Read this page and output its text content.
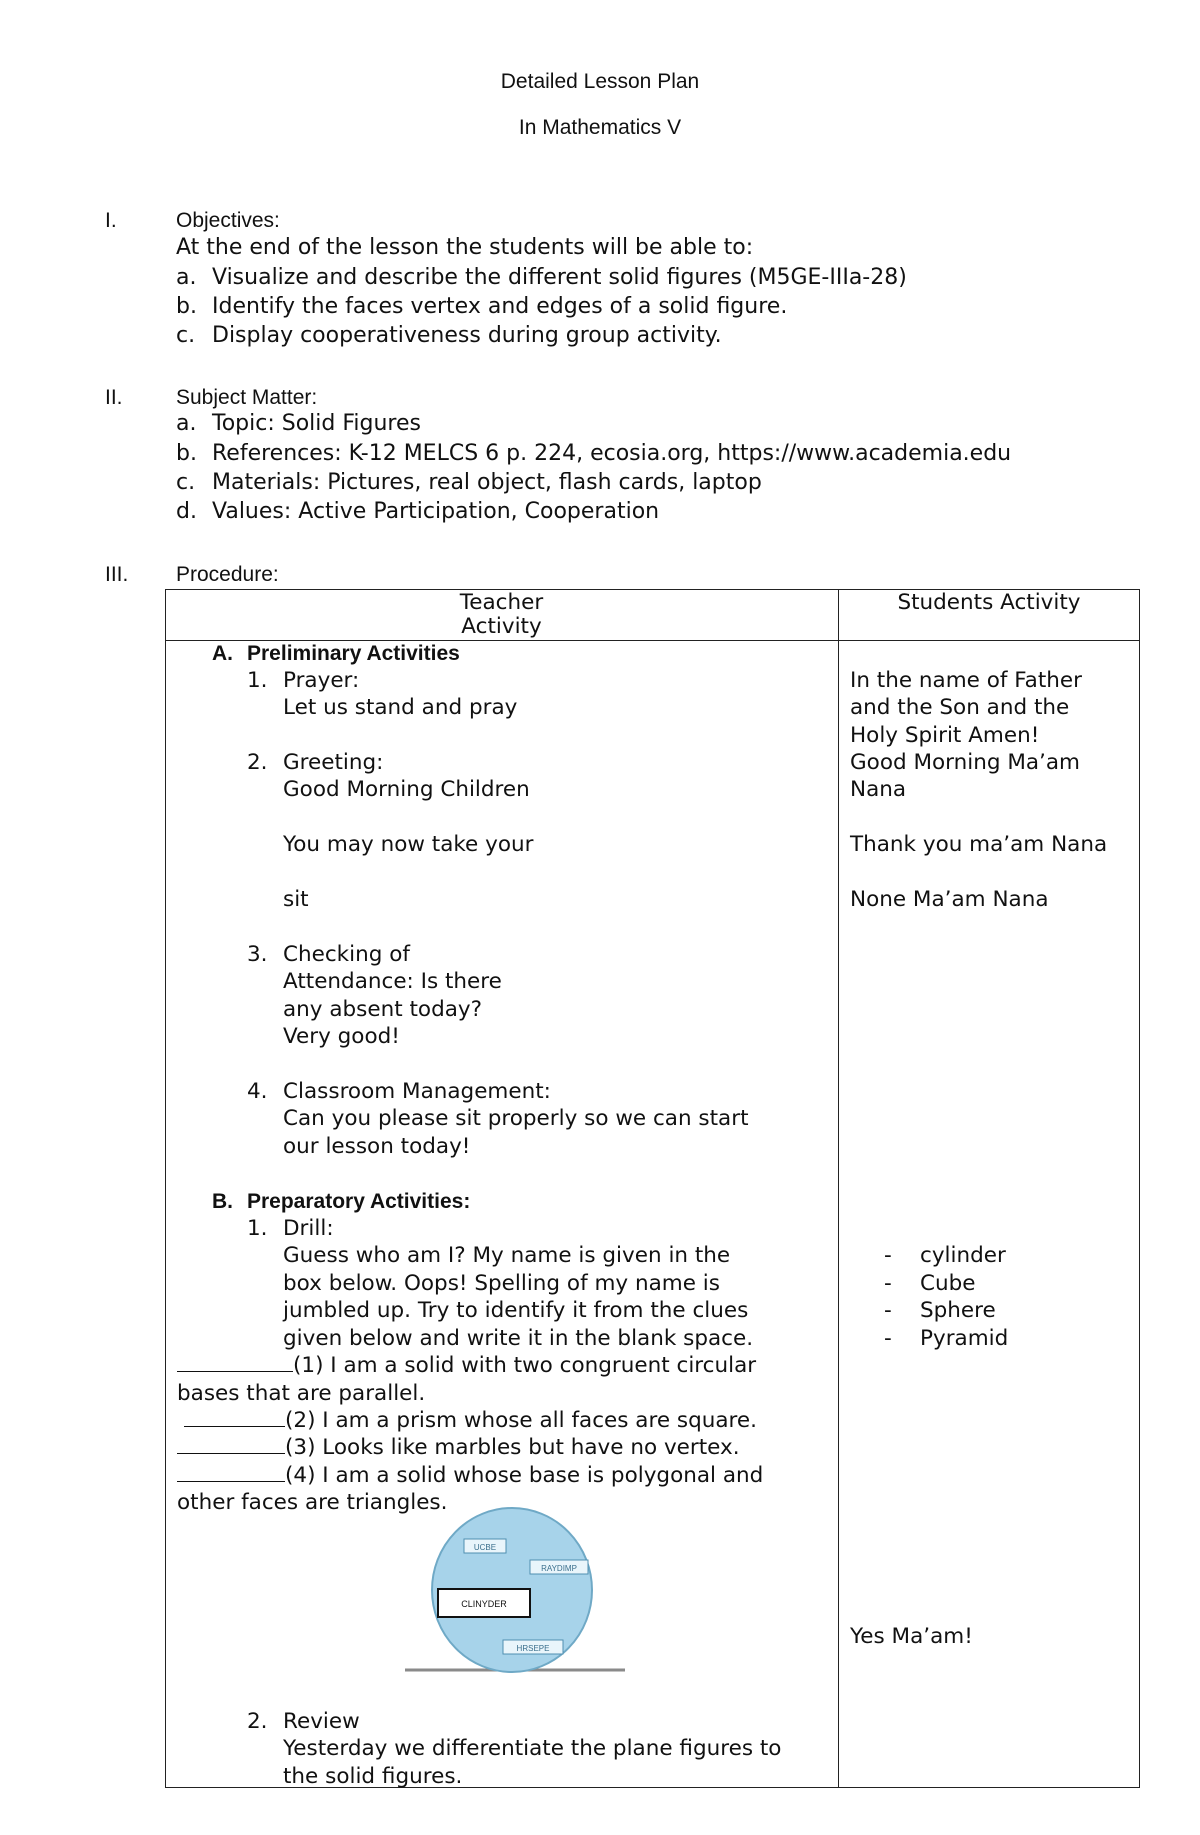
Detailed Lesson Plan
In Mathematics V
I.	Objectives:
At the end of the lesson the students will be able to:
a. Visualize and describe the different solid figures (M5GE-IIIa-28)
b. Identify the faces vertex and edges of a solid figure.
c. Display cooperativeness during group activity.
II.	Subject Matter:
a. Topic: Solid Figures
b. References: K-12 MELCS 6 p. 224, ecosia.org, https://www.academia.edu
c. Materials: Pictures, real object, flash cards, laptop
d. Values: Active Participation, Cooperation
III. Procedure:
Teacher
Activity
Students Activity
A. Preliminary Activities
1. Prayer:
Let us stand and pray
2. Greeting:
Good Morning Children
You may now take your
sit
3. Checking of
Attendance: Is there
any absent today?
Very good!
4. Classroom Management:
Can you please sit properly so we can start
our lesson today!
B. Preparatory Activities:
1. Drill:
Guess who am I? My name is given in the
box below. Oops! Spelling of my name is
jumbled up. Try to identify it from the clues
given below and write it in the blank space.
(1) I am a solid with two congruent circular
bases that are parallel.
(2) I am a prism whose all faces are square.
(3) Looks like marbles but have no vertex.
(4) I am a solid whose base is polygonal and
other faces are triangles.
UCBE
RAYDIMP
CLINYDER
HRSEPE
2. Review
Yesterday we differentiate the plane figures to
the solid figures.
In the name of Father
and the Son and the
Holy Spirit Amen!
Good Morning Ma’am
Nana
Thank you ma’am Nana
None Ma’am Nana
- cylinder
- Cube
- Sphere
- Pyramid
Yes Ma’am!
